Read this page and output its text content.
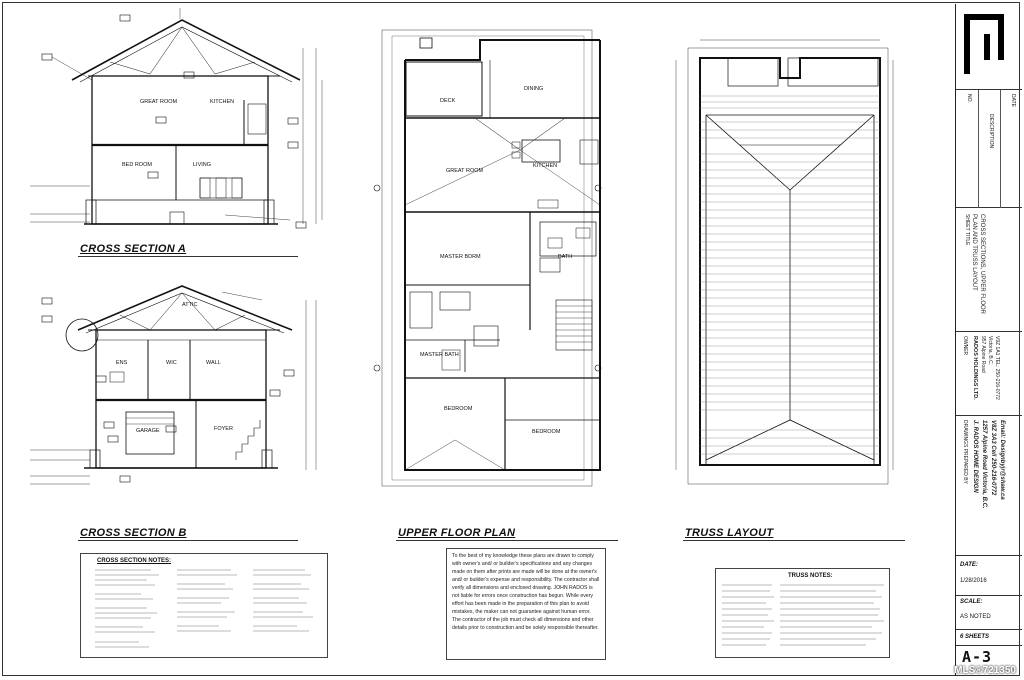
GREAT ROOM	KITCHEN
BED ROOM	LIVING
ATTIC
ENS	WIC	WALL
GARAGE	FOYER
DECK
DINING
KITCHEN
GREAT ROOM
MASTER BDRM	BATH
MASTER BATH
BEDROOM
BEDROOM
CROSS SECTION A
CROSS SECTION B	UPPER FLOOR PLAN	TRUSS LAYOUT
CROSS SECTION NOTES:
To the best of my knowledge these plans are drawn to comply with owner's and/ or builder's specifications and any changes made on them after prints are made will be done at the owner's and/ or builder's expense and responsibility. The contractor shall verify all dimensions and enclosed drawing. JOHN RADOS is not liable for errors once construction has begun. While every effort has been made in the preparation of this plan to avoid mistakes, the maker can not guarantee against human error. The contractor of the job must check all dimensions and other details prior to construction and be solely responsible thereafter.
TRUSS NOTES:
NO.
DESCRIPTION
DATE
SHEET TITLE	CROSS SECTIONS, UPPER FLOOR PLAN AND TRUSS LAYOUT
OWNER RADOS HOLDINGS LTD. 957 Alpine Road Victoria, B.C. V9Z 1A1 TEL: 250-216-0772
DRAWINGS PREPARED BY J. RADOS HOME DESIGN 1257 Alpine Road Victoria, B.C. V8Z 3A3 Cell 250-216-0772 Email: Designbyjr@shaw.ca
DATE:
1/28/2016
SCALE:
AS NOTED
6 SHEETS
A-3
MLS®721350
